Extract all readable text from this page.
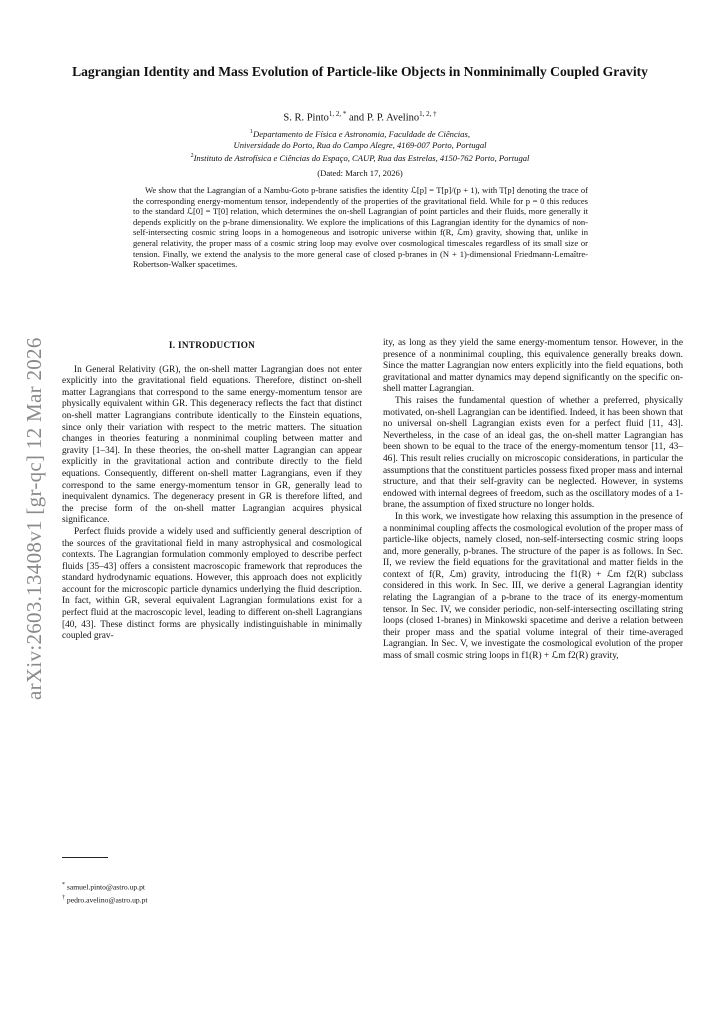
arXiv:2603.13408v1 [gr-qc] 12 Mar 2026
Lagrangian Identity and Mass Evolution of Particle-like Objects in Nonminimally Coupled Gravity
S. R. Pinto$^{1, 2, *}$ and P. P. Avelino$^{1, 2, \dagger}$
$^1$Departamento de Física e Astronomia, Faculdade de Ciências,
Universidade do Porto, Rua do Campo Alegre, 4169-007 Porto, Portugal
$^2$Instituto de Astrofísica e Ciências do Espaço, CAUP, Rua das Estrelas, 4150-762 Porto, Portugal
(Dated: March 17, 2026)
We show that the Lagrangian of a Nambu-Goto p-brane satisfies the identity ℒ[p] = T[p]/(p + 1), with T[p] denoting the trace of the corresponding energy-momentum tensor, independently of the properties of the gravitational field. While for p = 0 this reduces to the standard ℒ[0] = T[0] relation, which determines the on-shell Lagrangian of point particles and their fluids, more generally it depends explicitly on the p-brane dimensionality. We explore the implications of this Lagrangian identity for the dynamics of non-self-intersecting cosmic string loops in a homogeneous and isotropic universe within f(R, ℒm) gravity, showing that, unlike in general relativity, the proper mass of a cosmic string loop may evolve over cosmological timescales regardless of its small size or tension. Finally, we extend the analysis to the more general case of closed p-branes in (N + 1)-dimensional Friedmann-Lemaître-Robertson-Walker spacetimes.
I. INTRODUCTION

In General Relativity (GR), the on-shell matter Lagrangian does not enter explicitly into the gravitational field equations. Therefore, distinct on-shell matter Lagrangians that correspond to the same energy-momentum tensor are physically equivalent within GR. This degeneracy reflects the fact that distinct on-shell matter Lagrangians contribute identically to the Einstein equations, since only their variation with respect to the metric matters. The situation changes in theories featuring a nonminimal coupling between matter and gravity [1–34]. In these theories, the on-shell matter Lagrangian can appear explicitly in the gravitational action and contribute directly to the field equations. Consequently, different on-shell matter Lagrangians, even if they correspond to the same energy-momentum tensor in GR, generally lead to inequivalent dynamics. The degeneracy present in GR is therefore lifted, and the precise form of the on-shell matter Lagrangian acquires physical significance.

Perfect fluids provide a widely used and sufficiently general description of the sources of the gravitational field in many astrophysical and cosmological contexts. The Lagrangian formulation commonly employed to describe perfect fluids [35–43] offers a consistent macroscopic framework that reproduces the standard hydrodynamic equations. However, this approach does not explicitly account for the microscopic particle dynamics underlying the fluid description. In fact, within GR, several equivalent Lagrangian formulations exist for a perfect fluid at the macroscopic level, leading to different on-shell Lagrangians [40, 43]. These distinct forms are physically indistinguishable in minimally coupled grav-

ity, as long as they yield the same energy-momentum tensor. However, in the presence of a nonminimal coupling, this equivalence generally breaks down. Since the matter Lagrangian now enters explicitly into the field equations, both gravitational and matter dynamics may depend significantly on the specific on-shell matter Lagrangian.

This raises the fundamental question of whether a preferred, physically motivated, on-shell Lagrangian can be identified. Indeed, it has been shown that no universal on-shell Lagrangian exists even for a perfect fluid [11, 43]. Nevertheless, in the case of an ideal gas, the on-shell matter Lagrangian has been shown to be equal to the trace of the energy-momentum tensor [11, 43–46]. This result relies crucially on microscopic considerations, in particular the assumptions that the constituent particles possess fixed proper mass and internal structure, and that their self-gravity can be neglected. However, in systems endowed with internal degrees of freedom, such as the oscillatory modes of a 1-brane, the assumption of fixed structure no longer holds.

In this work, we investigate how relaxing this assumption in the presence of a nonminimal coupling affects the cosmological evolution of the proper mass of particle-like objects, namely closed, non-self-intersecting cosmic string loops and, more generally, p-branes. The structure of the paper is as follows. In Sec. II, we review the field equations for the gravitational and matter fields in the context of f(R, ℒm) gravity, introducing the f1(R) + ℒm f2(R) subclass considered in this work. In Sec. III, we derive a general Lagrangian identity relating the Lagrangian of a p-brane to the trace of its energy-momentum tensor. In Sec. IV, we consider periodic, non-self-intersecting oscillating string loops (closed 1-branes) in Minkowski spacetime and derive a relation between their proper mass and the spatial volume integral of their time-averaged Lagrangian. In Sec. V, we investigate the cosmological evolution of the proper mass of small cosmic string loops in f1(R) + ℒm f2(R) gravity,

* samuel.pinto@astro.up.pt
† pedro.avelino@astro.up.pt
